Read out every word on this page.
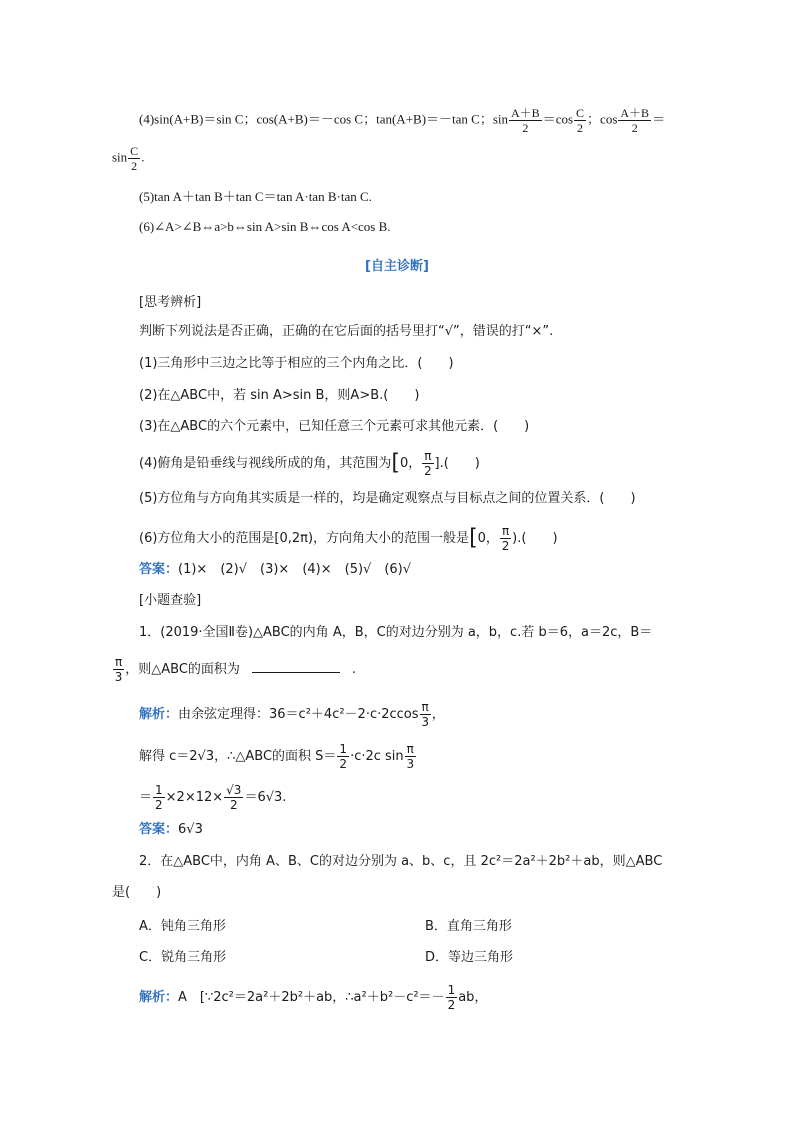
(4)sin(A+B)＝sin C；cos(A+B)＝－cos C；tan(A+B)＝－tan C；$\sin \frac{A+B}{2} =\cos \frac{C}{2}$ ；$\cos \frac{A+B}{2}$ ＝
$\sin \frac{C}{2}$ .
(5)tan A＋tan B＋tan C＝tan A·tan B·tan C.
(6)∠A>∠B⇔a>b⇔sin A>sin B⇔cos A<cos B.
[自主诊断]
[思考辨析]
判断下列说法是否正确，正确的在它后面的括号里打“√”，错误的打“×”.
(1)三角形中三边之比等于相应的三个内角之比．(　　)
(2)在△ABC中，若 sin A>sin B，则A>B.(　　)
(3)在△ABC的六个元素中，已知任意三个元素可求其他元素．(　　)
(4)俯角是铅垂线与视线所成的角，其范围为[0， $\frac{\pi}{2}$ ].(　　)
(5)方位角与方向角其实质是一样的，均是确定观察点与目标点之间的位置关系．(　　)
(6)方位角大小的范围是[0,2π)，方向角大小的范围一般是[0， $\frac{\pi}{2}$ ).(　　)
答案：(1)×　(2)√　(3)×　(4)×　(5)√　(6)√
[小题查验]
1．(2019·全国Ⅱ卷)△ABC的内角 A，B，C的对边分别为 a，b，c.若 b＝6，a＝2c，B＝
$\frac{\pi}{3}$ ，则△ABC的面积为	.
解析：由余弦定理得：$36=c^2+4c^2-2\cdot c\cdot 2ccos \frac{\pi}{3}$ ，
解得 c＝2√3，∴△ABC的面积 $S= \frac{1}{2} \cdot c\cdot 2c$ $\sin \frac{\pi}{3}$
＝ $\frac{1}{2} \times 2\times 12\times \frac{√3}{2} =6√3$.
答案：6√3
2．在△ABC中，内角 A、B、C的对边分别为 a、b、c，且 2c²＝2a²＋2b²＋ab，则△ABC
是(　　)
A．钝角三角形	B．直角三角形
C．锐角三角形	D．等边三角形
解析：A　[∵2c²＝2a²＋2b²＋ab，∴a²＋b²－c²＝－ $\frac{1}{2}$ ab，
